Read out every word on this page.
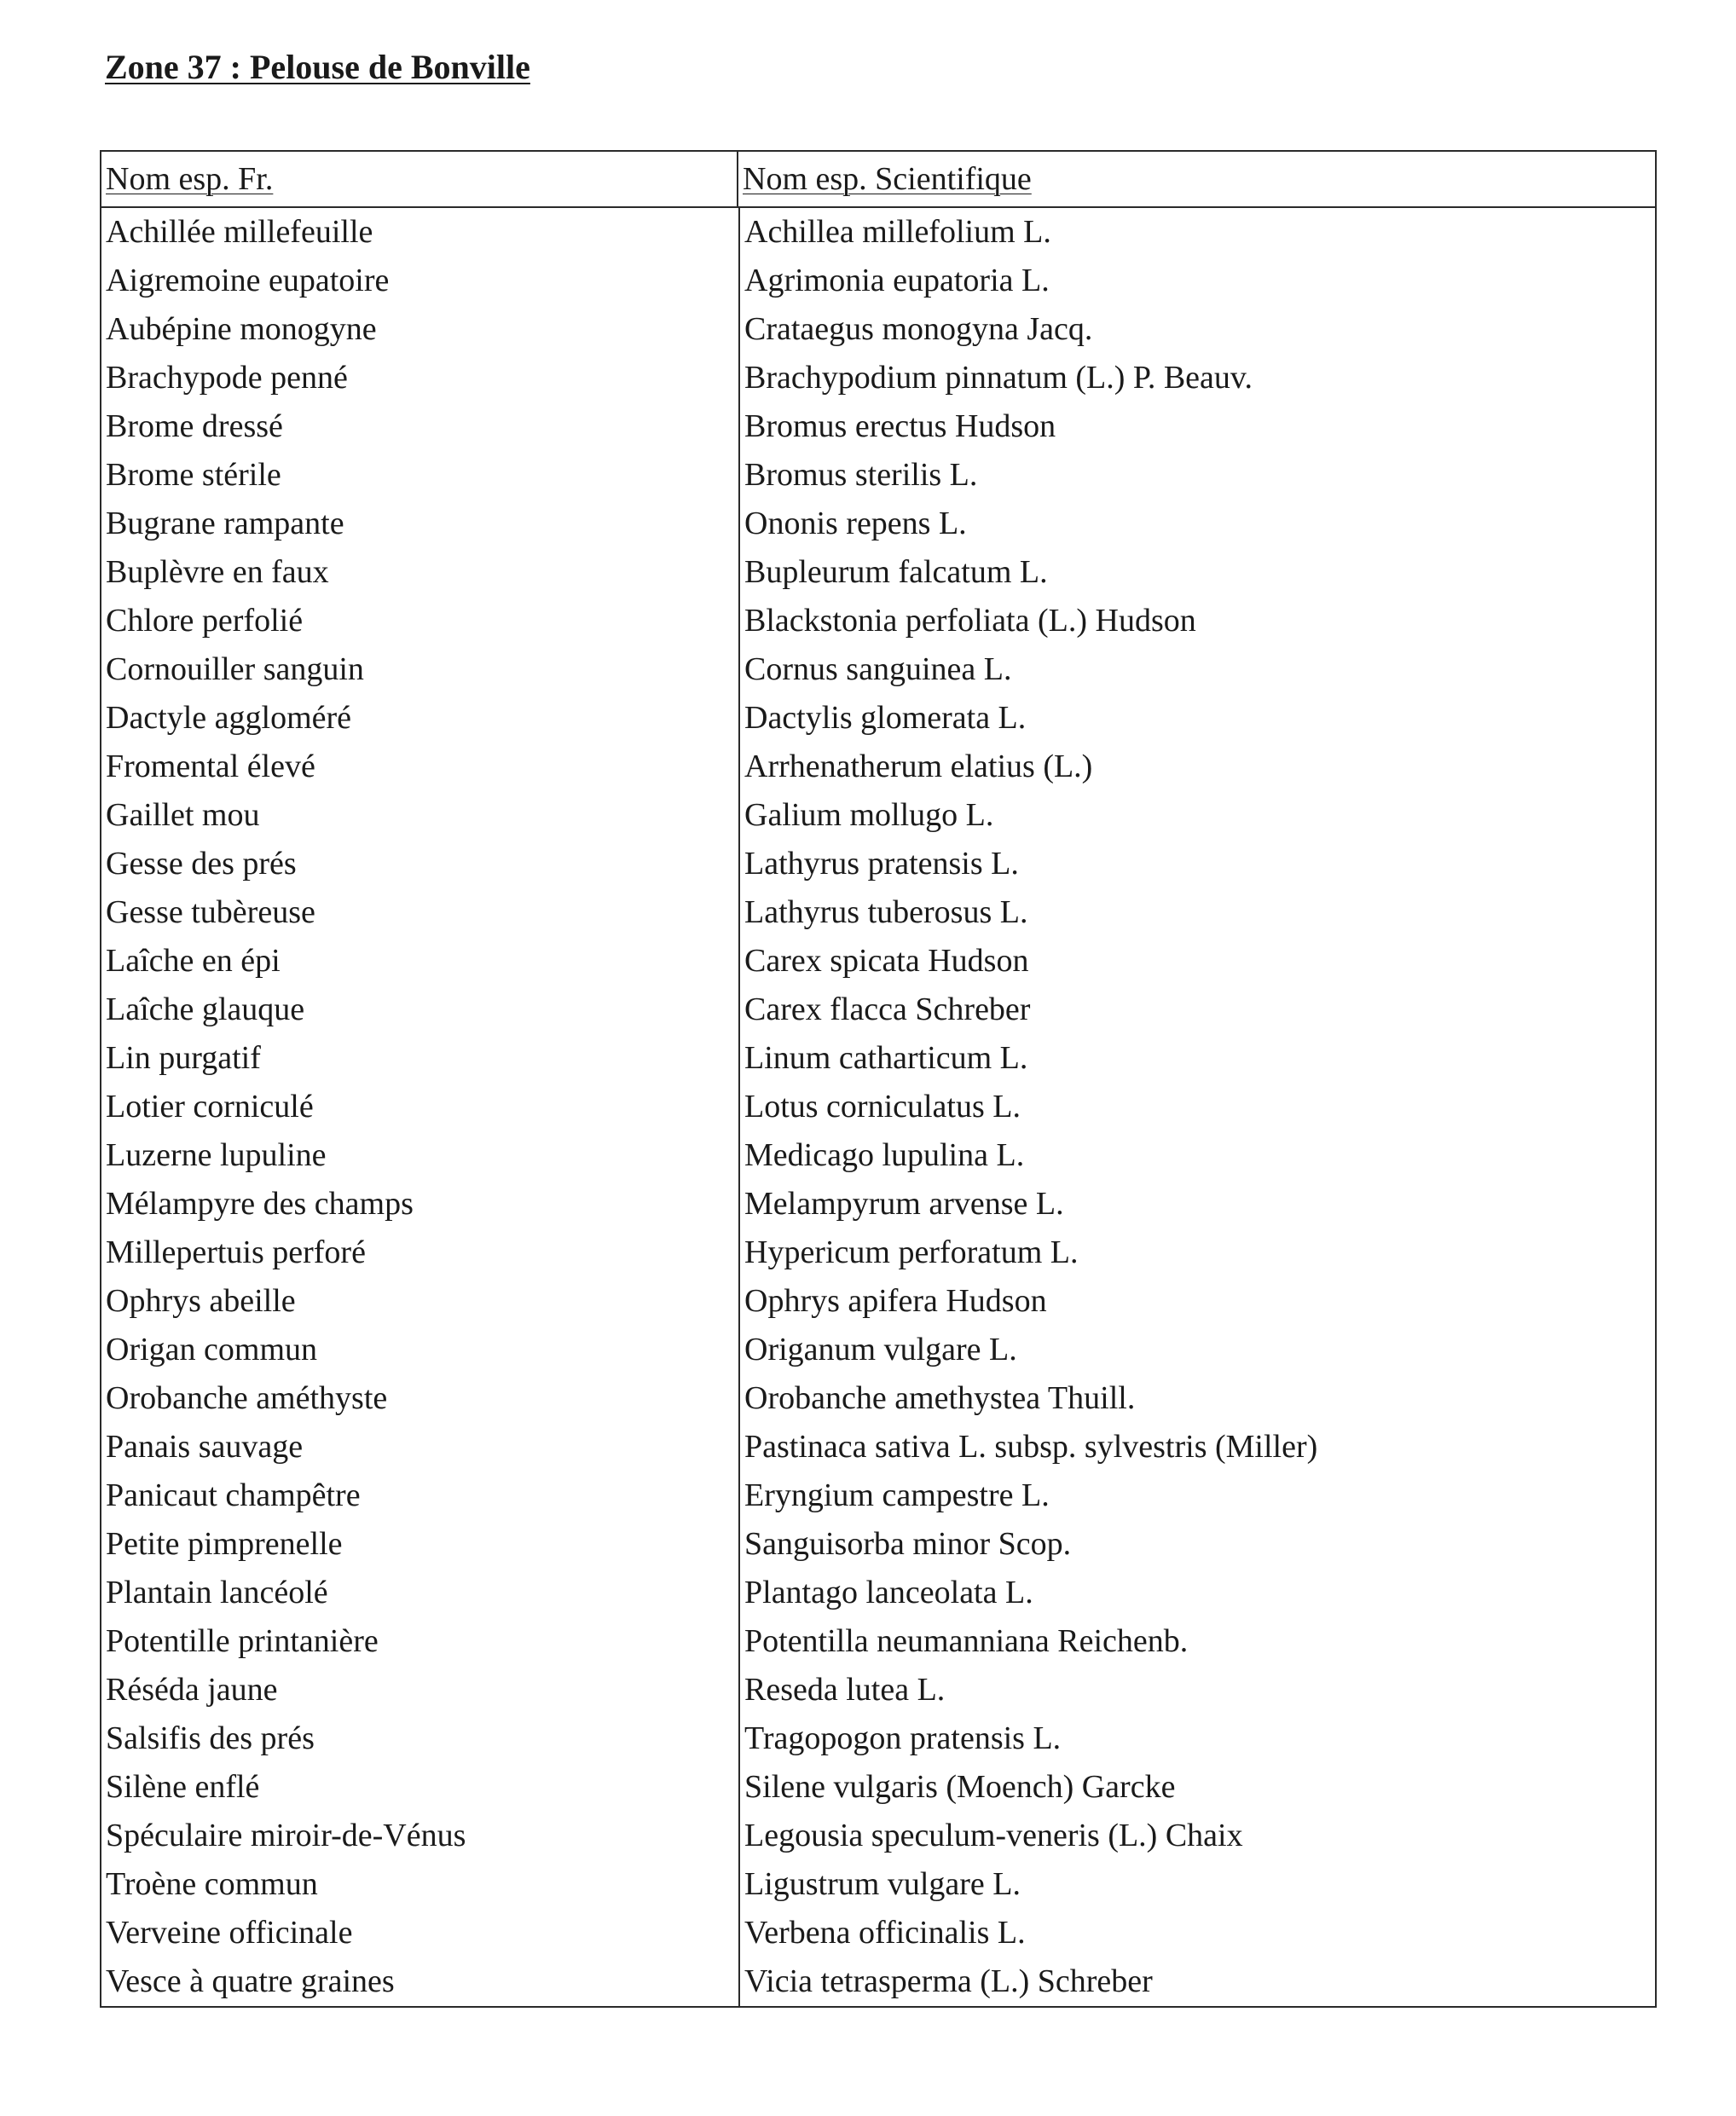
Zone 37 : Pelouse de Bonville
Nom esp. Fr.	Nom esp. Scientifique
Achillée millefeuille
Aigremoine eupatoire
Aubépine monogyne
Brachypode penné
Brome dressé
Brome stérile
Bugrane rampante
Buplèvre en faux
Chlore perfolié
Cornouiller sanguin
Dactyle aggloméré
Fromental élevé
Gaillet mou
Gesse des prés
Gesse tubèreuse
Laîche en épi
Laîche glauque
Lin purgatif
Lotier corniculé
Luzerne lupuline
Mélampyre des champs
Millepertuis perforé
Ophrys abeille
Origan commun
Orobanche améthyste
Panais sauvage
Panicaut champêtre
Petite pimprenelle
Plantain lancéolé
Potentille printanière
Réséda jaune
Salsifis des prés
Silène enflé
Spéculaire miroir-de-Vénus
Troène commun
Verveine officinale
Vesce à quatre graines
Achillea millefolium L.
Agrimonia eupatoria L.
Crataegus monogyna Jacq.
Brachypodium pinnatum (L.) P. Beauv.
Bromus erectus Hudson
Bromus sterilis L.
Ononis repens L.
Bupleurum falcatum L.
Blackstonia perfoliata (L.) Hudson
Cornus sanguinea L.
Dactylis glomerata L.
Arrhenatherum elatius (L.)
Galium mollugo L.
Lathyrus pratensis L.
Lathyrus tuberosus L.
Carex spicata Hudson
Carex flacca Schreber
Linum catharticum L.
Lotus corniculatus L.
Medicago lupulina L.
Melampyrum arvense L.
Hypericum perforatum L.
Ophrys apifera Hudson
Origanum vulgare L.
Orobanche amethystea Thuill.
Pastinaca sativa L. subsp. sylvestris (Miller)
Eryngium campestre L.
Sanguisorba minor Scop.
Plantago lanceolata L.
Potentilla neumanniana Reichenb.
Reseda lutea L.
Tragopogon pratensis L.
Silene vulgaris (Moench) Garcke
Legousia speculum-veneris (L.) Chaix
Ligustrum vulgare L.
Verbena officinalis L.
Vicia tetrasperma (L.) Schreber
